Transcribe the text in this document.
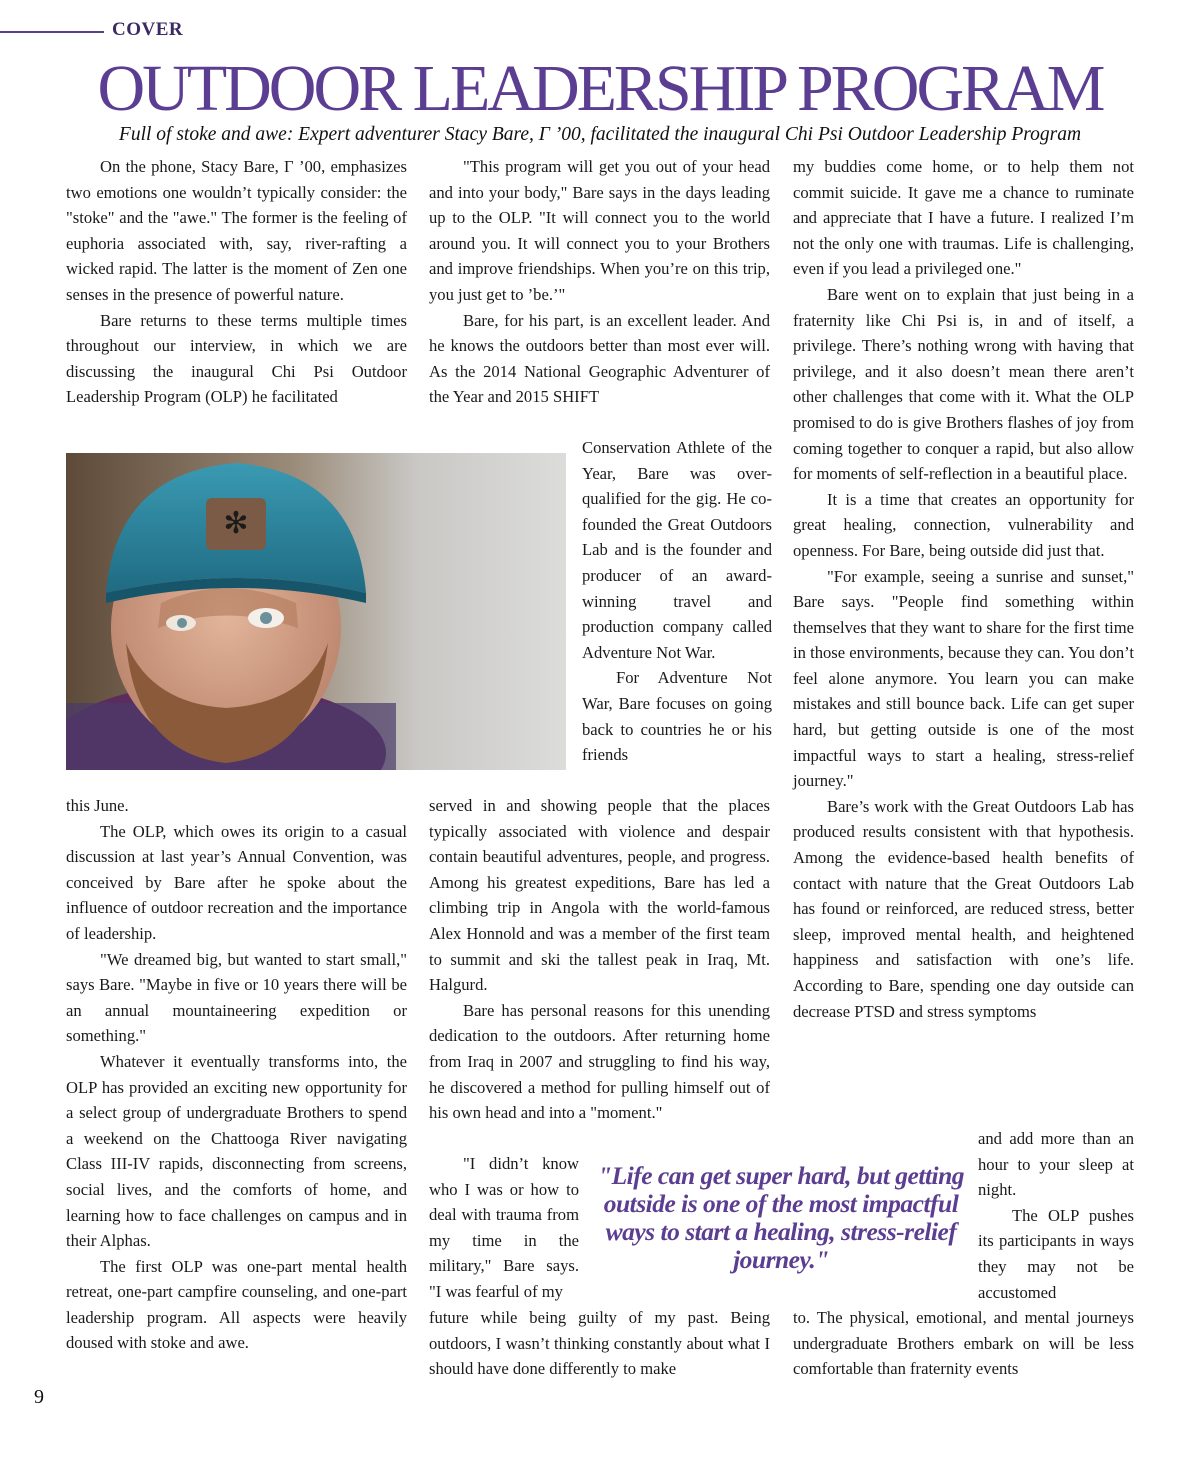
COVER
OUTDOOR LEADERSHIP PROGRAM
Full of stoke and awe: Expert adventurer Stacy Bare, Γ ’00, facilitated the inaugural Chi Psi Outdoor Leadership Program

On the phone, Stacy Bare, Γ ’00, emphasizes two emotions one wouldn’t typically consider: the "stoke" and the "awe." The former is the feeling of euphoria associated with, say, river-rafting a wicked rapid. The latter is the moment of Zen one senses in the presence of powerful nature.

Bare returns to these terms multiple times throughout our interview, in which we are discussing the inaugural Chi Psi Outdoor Leadership Program (OLP) he facilitated

✻

this June.

The OLP, which owes its origin to a casual discussion at last year’s Annual Convention, was conceived by Bare after he spoke about the influence of outdoor recreation and the importance of leadership.

"We dreamed big, but wanted to start small," says Bare. "Maybe in five or 10 years there will be an annual mountaineering expedition or something."

Whatever it eventually transforms into, the OLP has provided an exciting new opportunity for a select group of undergraduate Brothers to spend a weekend on the Chattooga River navigating Class III-IV rapids, disconnecting from screens, social lives, and the comforts of home, and learning how to face challenges on campus and in their Alphas.

The first OLP was one-part mental health retreat, one-part campfire counseling, and one-part leadership program. All aspects were heavily doused with stoke and awe.

"This program will get you out of your head and into your body," Bare says in the days leading up to the OLP. "It will connect you to the world around you. It will connect you to your Brothers and improve friendships. When you’re on this trip, you just get to ’be.’"

Bare, for his part, is an excellent leader. And he knows the outdoors better than most ever will. As the 2014 National Geographic Adventurer of the Year and 2015 SHIFT

Conservation Athlete of the Year, Bare was overqualified for the gig. He co-founded the Great Outdoors Lab and is the founder and producer of an award-winning travel and production company called Adventure Not War.

For Adventure Not War, Bare focuses on going back to countries he or his friends

served in and showing people that the places typically associated with violence and despair contain beautiful adventures, people, and progress. Among his greatest expeditions, Bare has led a climbing trip in Angola with the world-famous Alex Honnold and was a member of the first team to summit and ski the tallest peak in Iraq, Mt. Halgurd.

Bare has personal reasons for this unending dedication to the outdoors. After returning home from Iraq in 2007 and struggling to find his way, he discovered a method for pulling himself out of his own head and into a "moment."

"I didn’t know who I was or how to deal with trauma from my time in the military," Bare says. "I was fearful of my

future while being guilty of my past. Being outdoors, I wasn’t thinking constantly about what I should have done differently to make

my buddies come home, or to help them not commit suicide. It gave me a chance to ruminate and appreciate that I have a future. I realized I’m not the only one with traumas. Life is challenging, even if you lead a privileged one."

Bare went on to explain that just being in a fraternity like Chi Psi is, in and of itself, a privilege. There’s nothing wrong with having that privilege, and it also doesn’t mean there aren’t other challenges that come with it. What the OLP promised to do is give Brothers flashes of joy from coming together to conquer a rapid, but also allow for moments of self-reflection in a beautiful place.

It is a time that creates an opportunity for great healing, connection, vulnerability and openness. For Bare, being outside did just that.

"For example, seeing a sunrise and sunset," Bare says. "People find something within themselves that they want to share for the first time in those environments, because they can. You don’t feel alone anymore. You learn you can make mistakes and still bounce back. Life can get super hard, but getting outside is one of the most impactful ways to start a healing, stress-relief journey."

Bare’s work with the Great Outdoors Lab has produced results consistent with that hypothesis. Among the evidence-based health benefits of contact with nature that the Great Outdoors Lab has found or reinforced, are reduced stress, better sleep, improved mental health, and heightened happiness and satisfaction with one’s life. According to Bare, spending one day outside can decrease PTSD and stress symptoms

and add more than an hour to your sleep at night.

The OLP pushes its participants in ways they may not be accustomed

to. The physical, emotional, and mental journeys undergraduate Brothers embark on will be less comfortable than fraternity events

"Life can get super hard, but getting outside is one of the most impactful ways to start a healing, stress-relief journey."
9
